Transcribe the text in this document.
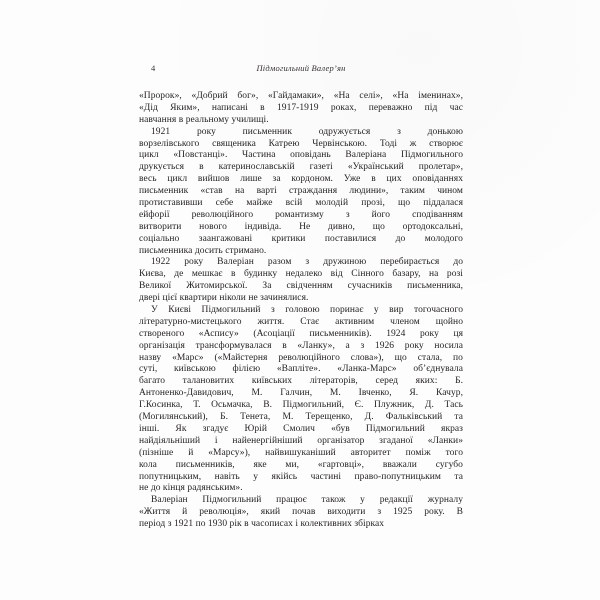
4	Підмогильний Валер’ян
«Пророк», «Добрий бог», «Гайдамаки», «На селі», «На іменинах»,
«Дід Яким», написані в 1917-1919 роках, переважно під час
навчання в реальному училищі.
1921 року письменник одружується з донькою
ворзелівського священика Катрею Червінською. Тоді ж створює
цикл «Повстанці». Частина оповідань Валеріана Підмогильного
друкується в катеринославській газеті «Український пролетар»,
весь цикл вийшов лише за кордоном. Уже в цих оповіданнях
письменник «став на варті страждання людини», таким чином
протиставивши себе майже всій молодій прозі, що піддалася
ейфорії революційного романтизму з його сподіванням
витворити нового індивіда. Не дивно, що ортодоксальні,
соціально заангажовані критики поставилися до молодого
письменника досить стримано.
1922 року Валеріан разом з дружиною перебирається до
Києва, де мешкає в будинку недалеко від Сінного базару, на розі
Великої Житомирської. За свідченням сучасників письменника,
двері цієї квартири ніколи не зачинялися.
У Києві Підмогильний з головою поринає у вир тогочасного
літературно-мистецького життя. Стає активним членом щойно
створеного «Аспису» (Асоціації письменників). 1924 року ця
організація трансформувалася в «Ланку», а з 1926 року носила
назву «Марс» («Майстерня революційного слова»), що стала, по
суті, київською філією «Вапліте». «Ланка-Марс» об’єднувала
багато талановитих київських літераторів, серед яких: Б.
Антоненко-Давидович, М. Галчин, М. Івченко, Я. Качур,
Г.Косинка, Т. Осьмачка, В. Підмогильний, Є. Плужник, Д. Тась
(Могилянський), Б. Тенета, М. Терещенко, Д. Фальківський та
інші. Як згадує Юрій Смолич «був Підмогильний якраз
найдіяльніший і найенергійніший організатор згаданої «Ланки»
(пізніше й «Марсу»), найвишуканіший авторитет поміж того
кола письменників, яке ми, «гартовці», вважали сугубо
попутницьким, навіть у якійсь частині право-попутницьким та
не до кінця радянським».
Валеріан Підмогильний працює також у редакції журналу
«Життя й революція», який почав виходити з 1925 року. В
період з 1921 по 1930 рік в часописах і колективних збірках
